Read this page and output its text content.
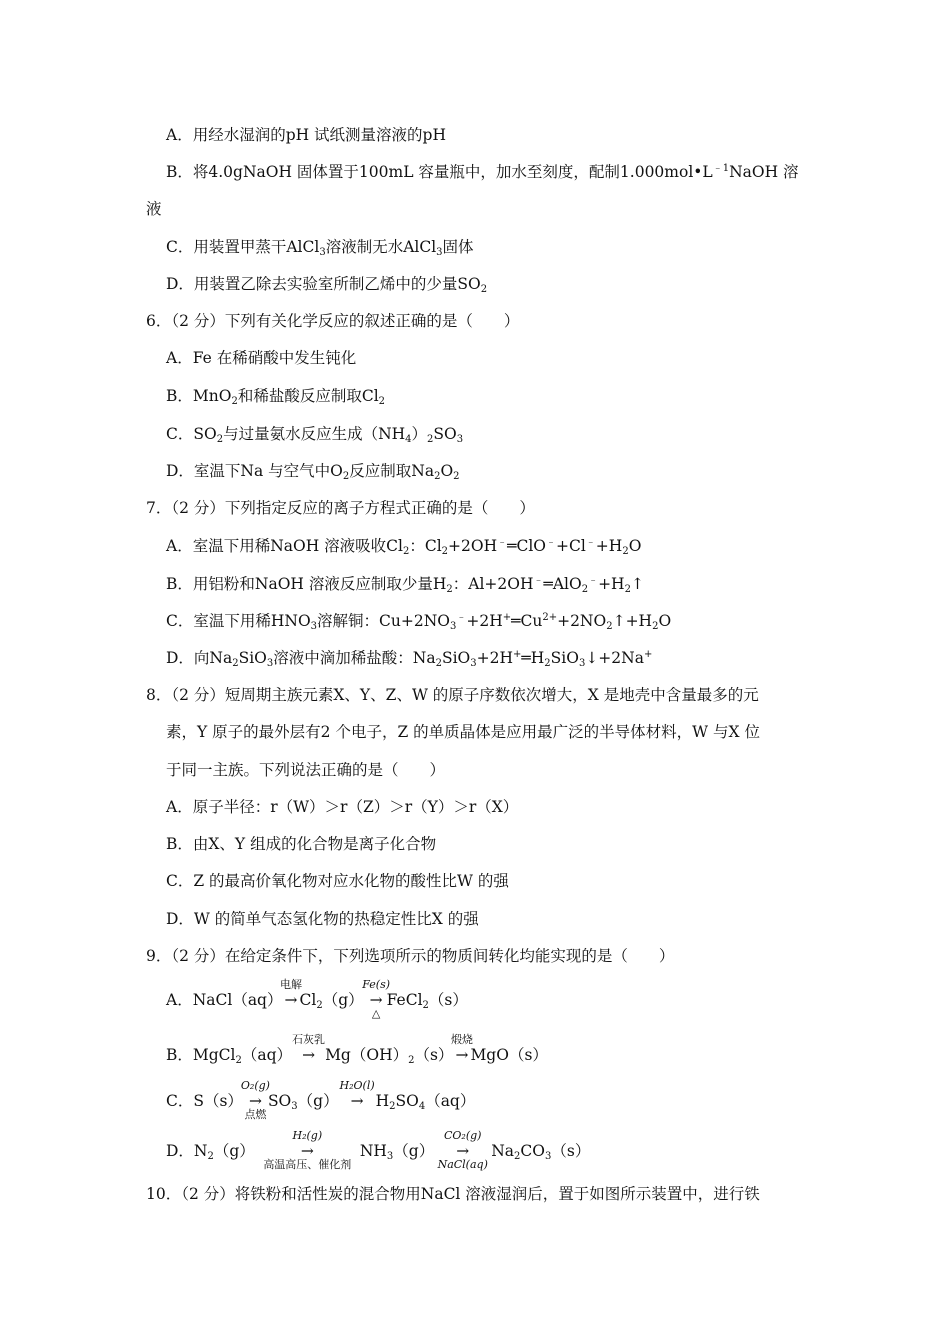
A．用经水湿润的pH 试纸测量溶液的pH
B．将4.0gNaOH 固体置于100mL 容量瓶中，加水至刻度，配制$1.000mol•L^{﹣1}NaOH$ 溶
液
C．用装置甲蒸干AlCl$_3$溶液制无水AlCl$_3$固体
D．用装置乙除去实验室所制乙烯中的少量$SO_2$
6．（2 分）下列有关化学反应的叙述正确的是（　　）
A．Fe 在稀硝酸中发生钝化
B．MnO$_2$和稀盐酸反应制取$Cl_2$
C．$SO_2$与过量氨水反应生成$(NH_4)_2SO_3$
D．室温下Na 与空气中$O_2$反应制取$Na_2O_2$
7．（2 分）下列指定反应的离子方程式正确的是（　　）
A．室温下用稀NaOH 溶液吸收$Cl_2$：$Cl_2+2OH^﹣═ClO^﹣+Cl^﹣+H_2O$
B．用铝粉和NaOH 溶液反应制取少量$H_2$：$Al+2OH^﹣═AlO_2^﹣+H_2↑$
C．室温下用稀$HNO_3$溶解铜：$Cu+2NO_3^﹣+2H^+═Cu^{2+}+2NO_2↑+H_2O$
D．向$Na_2SiO_3$溶液中滴加稀盐酸：$Na_2SiO_3+2H^+═H_2SiO_3↓+2Na^+$
8．（2 分）短周期主族元素X、Y、Z、W 的原子序数依次增大，X 是地壳中含量最多的元
素，Y 原子的最外层有2 个电子，Z 的单质晶体是应用最广泛的半导体材料，W 与X 位
于同一主族。下列说法正确的是（　　）
A．原子半径：r（W）＞r（Z）＞r（Y）＞r（X）
B．由X、Y 组成的化合物是离子化合物
C．Z 的最高价氧化物对应水化物的酸性比W 的强
D．W 的简单气态氢化物的热稳定性比X 的强
9．（2 分）在给定条件下，下列选项所示的物质间转化均能实现的是（　　）
A．NaCl（aq）
电解
→ $Cl_2(g)$
Fe(s)
→
△
FeCl$_2$（s）
B．MgCl$_2$（aq）
石灰乳
→ $Mg(OH)_2(s)$
煅烧
→ MgO（s）
C．S（s）
O₂(g)
→
点燃
$SO_3(g)$
H₂O(l)
→ $H_2SO_4(aq)$
D．$N_2(g)$
H₂(g)
→
高温高压、催化剂
$NH_3(g)$
CO₂(g)
→
NaCl(aq)
$Na_2CO_3(s)$
10．（2 分）将铁粉和活性炭的混合物用NaCl 溶液湿润后，置于如图所示装置中，进行铁
